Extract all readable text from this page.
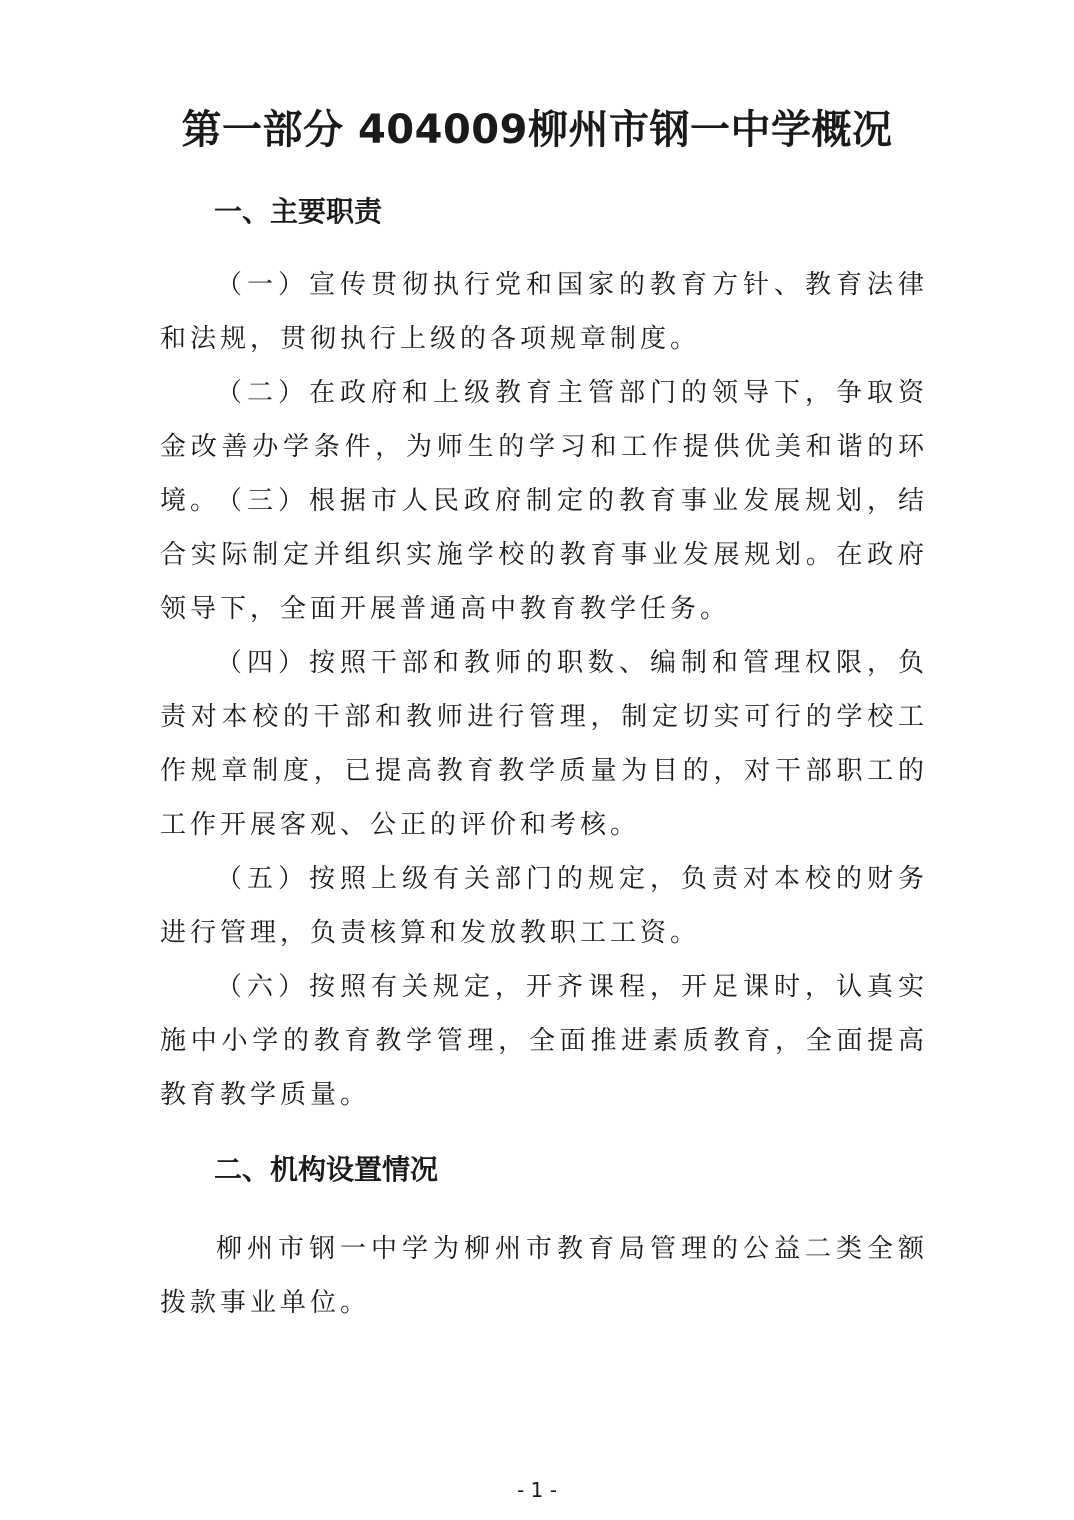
第一部分 404009柳州市钢一中学概况
一、主要职责

（一）宣传贯彻执行党和国家的教育方针、教育法律和法规，贯彻执行上级的各项规章制度。

（二）在政府和上级教育主管部门的领导下，争取资金改善办学条件，为师生的学习和工作提供优美和谐的环境。

（三）根据市人民政府制定的教育事业发展规划，结合实际制定并组织实施学校的教育事业发展规划。在政府领导下，全面开展普通高中教育教学任务。

（四）按照干部和教师的职数、编制和管理权限，负责对本校的干部和教师进行管理，制定切实可行的学校工作规章制度，已提高教育教学质量为目的，对干部职工的工作开展客观、公正的评价和考核。

（五）按照上级有关部门的规定，负责对本校的财务进行管理，负责核算和发放教职工工资。

（六）按照有关规定，开齐课程，开足课时，认真实施中小学的教育教学管理，全面推进素质教育，全面提高教育教学质量。

二、机构设置情况

柳州市钢一中学为柳州市教育局管理的公益二类全额拨款事业单位。

- 1 -
